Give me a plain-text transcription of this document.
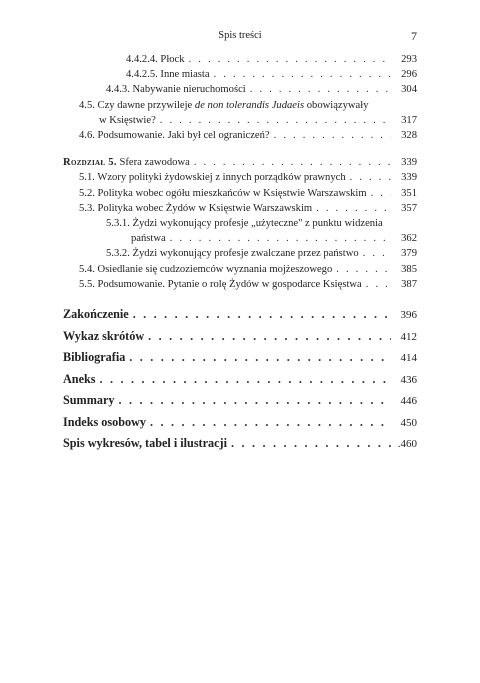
Spis treści	7
4.4.2.4. Płock . . .	293
4.4.2.5. Inne miasta . . .	296
4.4.3. Nabywanie nieruchomości . . .	304
4.5. Czy dawne przywileje de non tolerandis Judaeis obowiązywały
w Księstwie? . . .	317
4.6. Podsumowanie. Jaki był cel ograniczeń? . . .	328
Rozdział 5. Sfera zawodowa . . .	339
5.1. Wzory polityki żydowskiej z innych porządków prawnych . . .	339
5.2. Polityka wobec ogółu mieszkańców w Księstwie Warszawskim . . .	351
5.3. Polityka wobec Żydów w Księstwie Warszawskim . . .	357
5.3.1. Żydzi wykonujący profesje „użyteczne" z punktu widzenia
państwa . . .	362
5.3.2. Żydzi wykonujący profesje zwalczane przez państwo . . .	379
5.4. Osiedlanie się cudzoziemców wyznania mojżeszowego . . .	385
5.5. Podsumowanie. Pytanie o rolę Żydów w gospodarce Księstwa . . .	387
Zakończenie . . .	396
Wykaz skrótów . . .	412
Bibliografia . . .	414
Aneks . . .	436
Summary . . .	446
Indeks osobowy . . .	450
Spis wykresów, tabel i ilustracji . . .	.460
